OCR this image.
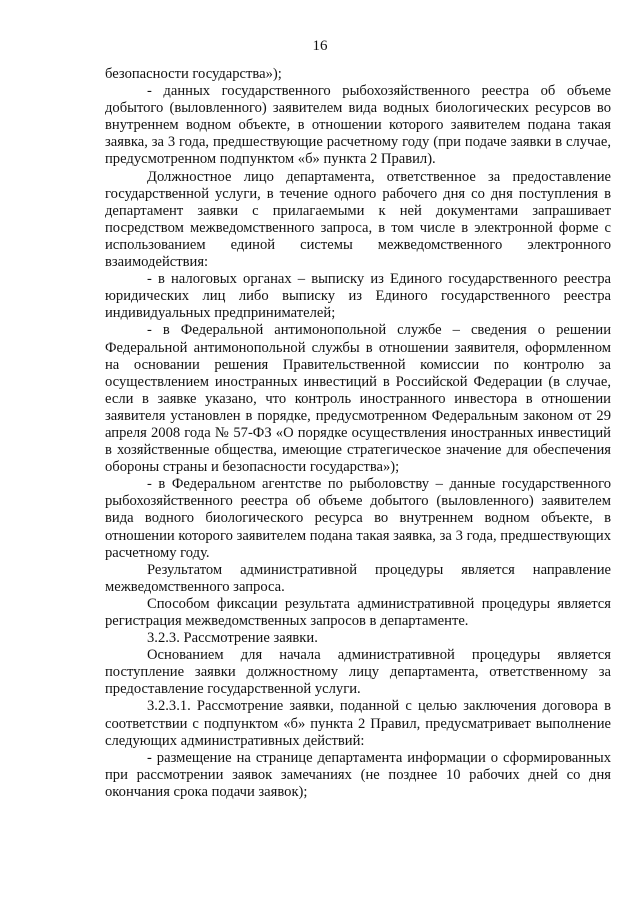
16

безопасности государства»);

- данных государственного рыбохозяйственного реестра об объеме добытого (выловленного) заявителем вида водных биологических ресурсов во внутреннем водном объекте, в отношении которого заявителем подана такая заявка, за 3 года, предшествующие расчетному году (при подаче заявки в случае, предусмотренном подпунктом «б» пункта 2 Правил).

Должностное лицо департамента, ответственное за предоставление государственной услуги, в течение одного рабочего дня со дня поступления в департамент заявки с прилагаемыми к ней документами запрашивает посредством межведомственного запроса, в том числе в электронной форме с использованием единой системы межведомственного электронного взаимодействия:

- в налоговых органах – выписку из Единого государственного реестра юридических лиц либо выписку из Единого государственного реестра индивидуальных предпринимателей;

- в Федеральной антимонопольной службе – сведения о решении Федеральной антимонопольной службы в отношении заявителя, оформленном на основании решения Правительственной комиссии по контролю за осуществлением иностранных инвестиций в Российской Федерации (в случае, если в заявке указано, что контроль иностранного инвестора в отношении заявителя установлен в порядке, предусмотренном Федеральным законом от 29 апреля 2008 года № 57-ФЗ «О порядке осуществления иностранных инвестиций в хозяйственные общества, имеющие стратегическое значение для обеспечения обороны страны и безопасности государства»);

- в Федеральном агентстве по рыболовству – данные государственного рыбохозяйственного реестра об объеме добытого (выловленного) заявителем вида водного биологического ресурса во внутреннем водном объекте, в отношении которого заявителем подана такая заявка, за 3 года, предшествующих расчетному году.

Результатом административной процедуры является направление межведомственного запроса.

Способом фиксации результата административной процедуры является регистрация межведомственных запросов в департаменте.

3.2.3. Рассмотрение заявки.

Основанием для начала административной процедуры является поступление заявки должностному лицу департамента, ответственному за предоставление государственной услуги.

3.2.3.1. Рассмотрение заявки, поданной с целью заключения договора в соответствии с подпунктом «б» пункта 2 Правил, предусматривает выполнение следующих административных действий:

- размещение на странице департамента информации о сформированных при рассмотрении заявок замечаниях (не позднее 10 рабочих дней со дня окончания срока подачи заявок);
